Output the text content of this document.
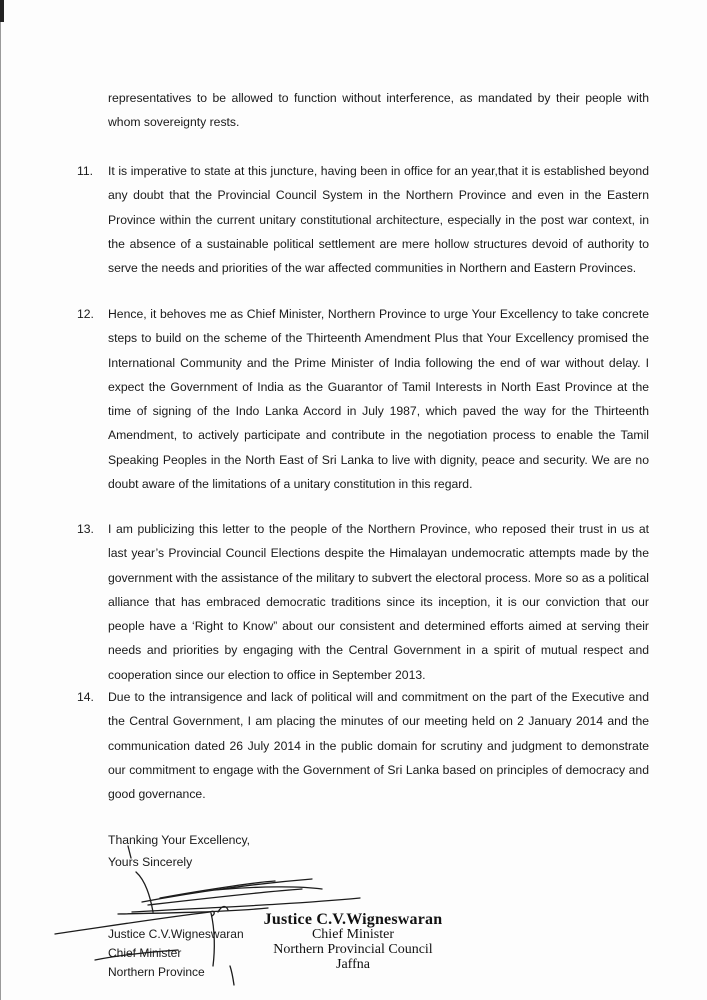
representatives to be allowed to function without interference, as mandated by their people with whom sovereignty rests.

11. It is imperative to state at this juncture, having been in office for an year,that it is established beyond any doubt that the Provincial Council System in the Northern Province and even in the Eastern Province within the current unitary constitutional architecture, especially in the post war context, in the absence of a sustainable political settlement are mere hollow structures devoid of authority to serve the needs and priorities of the war affected communities in Northern and Eastern Provinces.

12. Hence, it behoves me as Chief Minister, Northern Province to urge Your Excellency to take concrete steps to build on the scheme of the Thirteenth Amendment Plus that Your Excellency promised the International Community and the Prime Minister of India following the end of war without delay. I expect the Government of India as the Guarantor of Tamil Interests in North East Province at the time of signing of the Indo Lanka Accord in July 1987, which paved the way for the Thirteenth Amendment, to actively participate and contribute in the negotiation process to enable the Tamil Speaking Peoples in the North East of Sri Lanka to live with dignity, peace and security. We are no doubt aware of the limitations of a unitary constitution in this regard.

13. I am publicizing this letter to the people of the Northern Province, who reposed their trust in us at last year’s Provincial Council Elections despite the Himalayan undemocratic attempts made by the government with the assistance of the military to subvert the electoral process. More so as a political alliance that has embraced democratic traditions since its inception, it is our conviction that our people have a ‘Right to Know” about our consistent and determined efforts aimed at serving their needs and priorities by engaging with the Central Government in a spirit of mutual respect and cooperation since our election to office in September 2013.

14. Due to the intransigence and lack of political will and commitment on the part of the Executive and the Central Government, I am placing the minutes of our meeting held on 2 January 2014 and the communication dated 26 July 2014 in the public domain for scrutiny and judgment to demonstrate our commitment to engage with the Government of Sri Lanka based on principles of democracy and good governance.

Thanking Your Excellency,

Yours Sincerely

Justice C.V.Wigneswaran
Chief Minister
Northern Province
Justice C.V.Wigneswaran
Chief Minister
Northern Provincial Council
Jaffna
